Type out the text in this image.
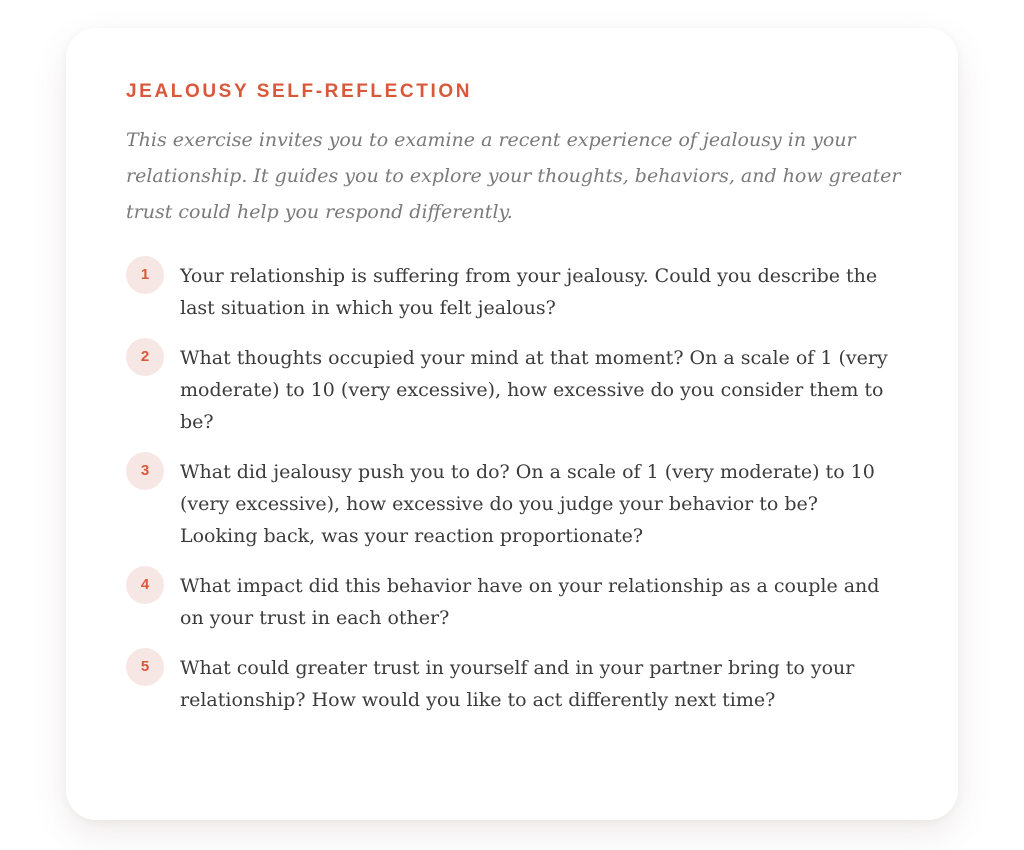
JEALOUSY SELF-REFLECTION

This exercise invites you to examine a recent experience of jealousy in your relationship. It guides you to explore your thoughts, behaviors, and how greater trust could help you respond differently.

1	Your relationship is suffering from your jealousy. Could you describe the last situation in which you felt jealous?
2	What thoughts occupied your mind at that moment? On a scale of 1 (very moderate) to 10 (very excessive), how excessive do you consider them to be?
3	What did jealousy push you to do? On a scale of 1 (very moderate) to 10 (very excessive), how excessive do you judge your behavior to be? Looking back, was your reaction proportionate?
4	What impact did this behavior have on your relationship as a couple and on your trust in each other?
5	What could greater trust in yourself and in your partner bring to your relationship? How would you like to act differently next time?
